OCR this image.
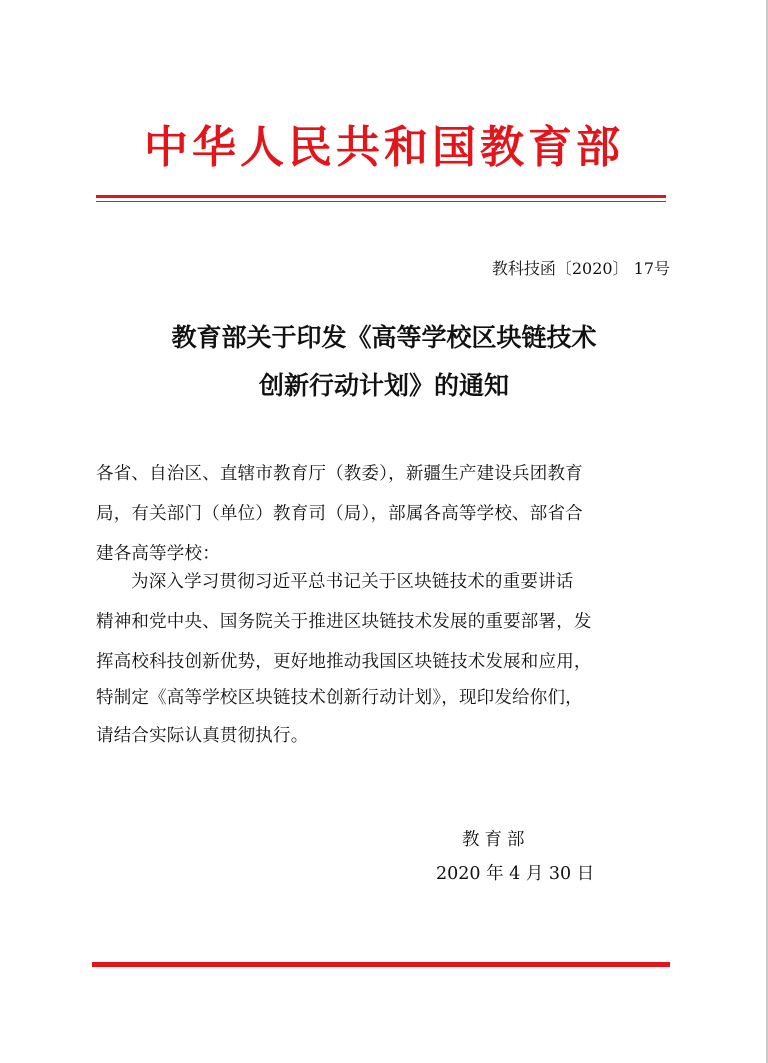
中华人民共和国教育部
教科技函〔2020〕 17号
教育部关于印发《高等学校区块链技术
创新行动计划》的通知
各省、自治区、直辖市教育厅（教委），新疆生产建设兵团教育
局，有关部门（单位）教育司（局），部属各高等学校、部省合
建各高等学校：
为深入学习贯彻习近平总书记关于区块链技术的重要讲话
精神和党中央、国务院关于推进区块链技术发展的重要部署，发
挥高校科技创新优势，更好地推动我国区块链技术发展和应用，
特制定《高等学校区块链技术创新行动计划》，现印发给你们，
请结合实际认真贯彻执行。
教育部
2020 年 4 月 30 日
